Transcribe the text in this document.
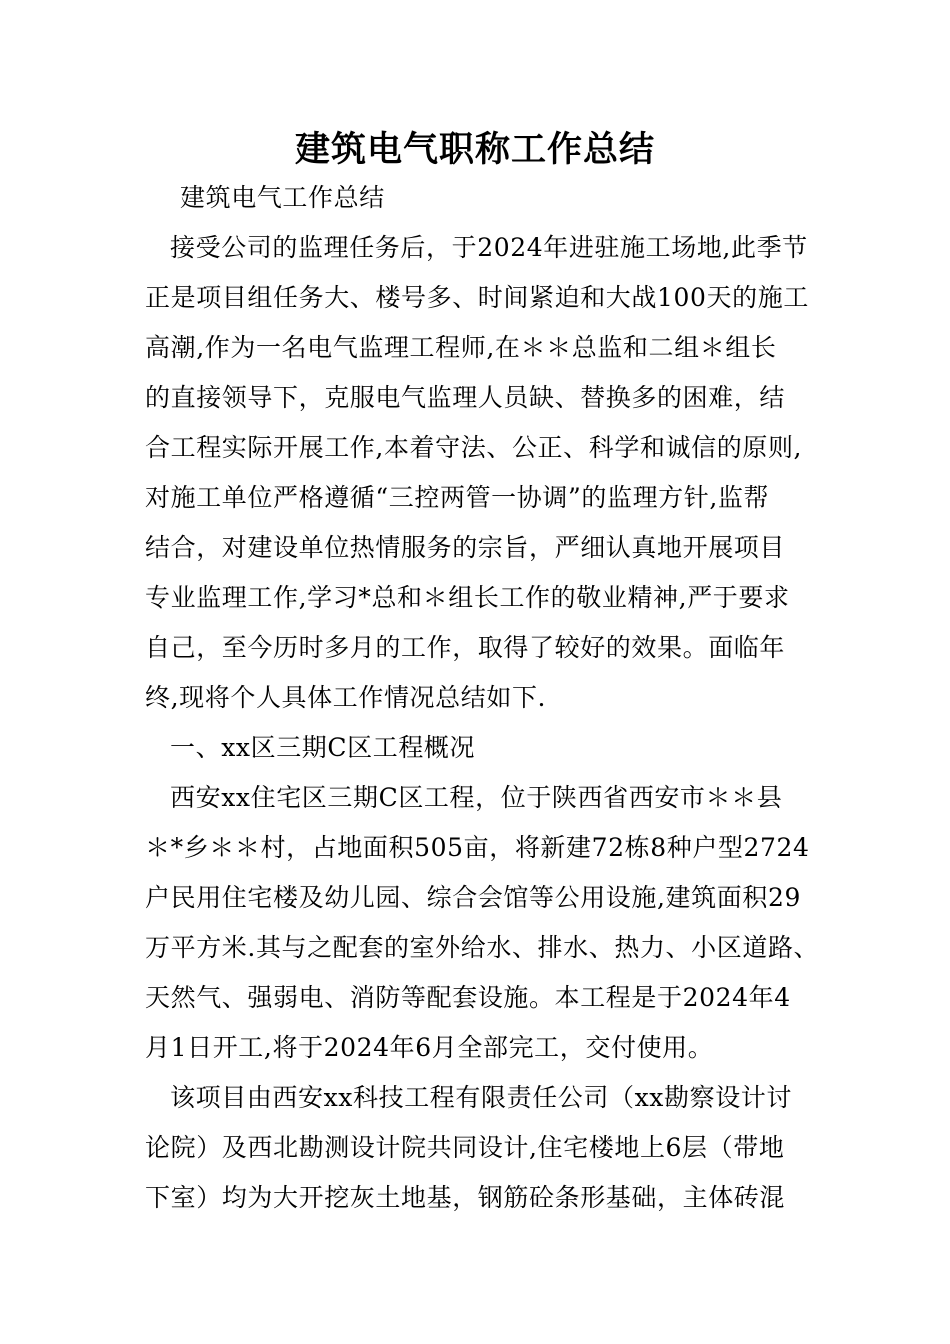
建筑电气职称工作总结

建筑电气工作总结

接受公司的监理任务后，于2024年进驻施工场地,此季节

正是项目组任务大、楼号多、时间紧迫和大战100天的施工

高潮,作为一名电气监理工程师,在＊＊总监和二组＊组长

的直接领导下，克服电气监理人员缺、替换多的困难，结

合工程实际开展工作,本着守法、公正、科学和诚信的原则,

对施工单位严格遵循“三控两管一协调”的监理方针,监帮

结合，对建设单位热情服务的宗旨，严细认真地开展项目

专业监理工作,学习*总和＊组长工作的敬业精神,严于要求

自己，至今历时多月的工作，取得了较好的效果。面临年

终,现将个人具体工作情况总结如下.

一、xx区三期C区工程概况

西安xx住宅区三期C区工程，位于陕西省西安市＊＊县

＊*乡＊＊村，占地面积505亩，将新建72栋8种户型2724

户民用住宅楼及幼儿园、综合会馆等公用设施,建筑面积29

万平方米.其与之配套的室外给水、排水、热力、小区道路、

天然气、强弱电、消防等配套设施。本工程是于2024年4

月1日开工,将于2024年6月全部完工，交付使用。

该项目由西安xx科技工程有限责任公司（xx勘察设计讨

论院）及西北勘测设计院共同设计,住宅楼地上6层（带地

下室）均为大开挖灰土地基，钢筋砼条形基础，主体砖混
